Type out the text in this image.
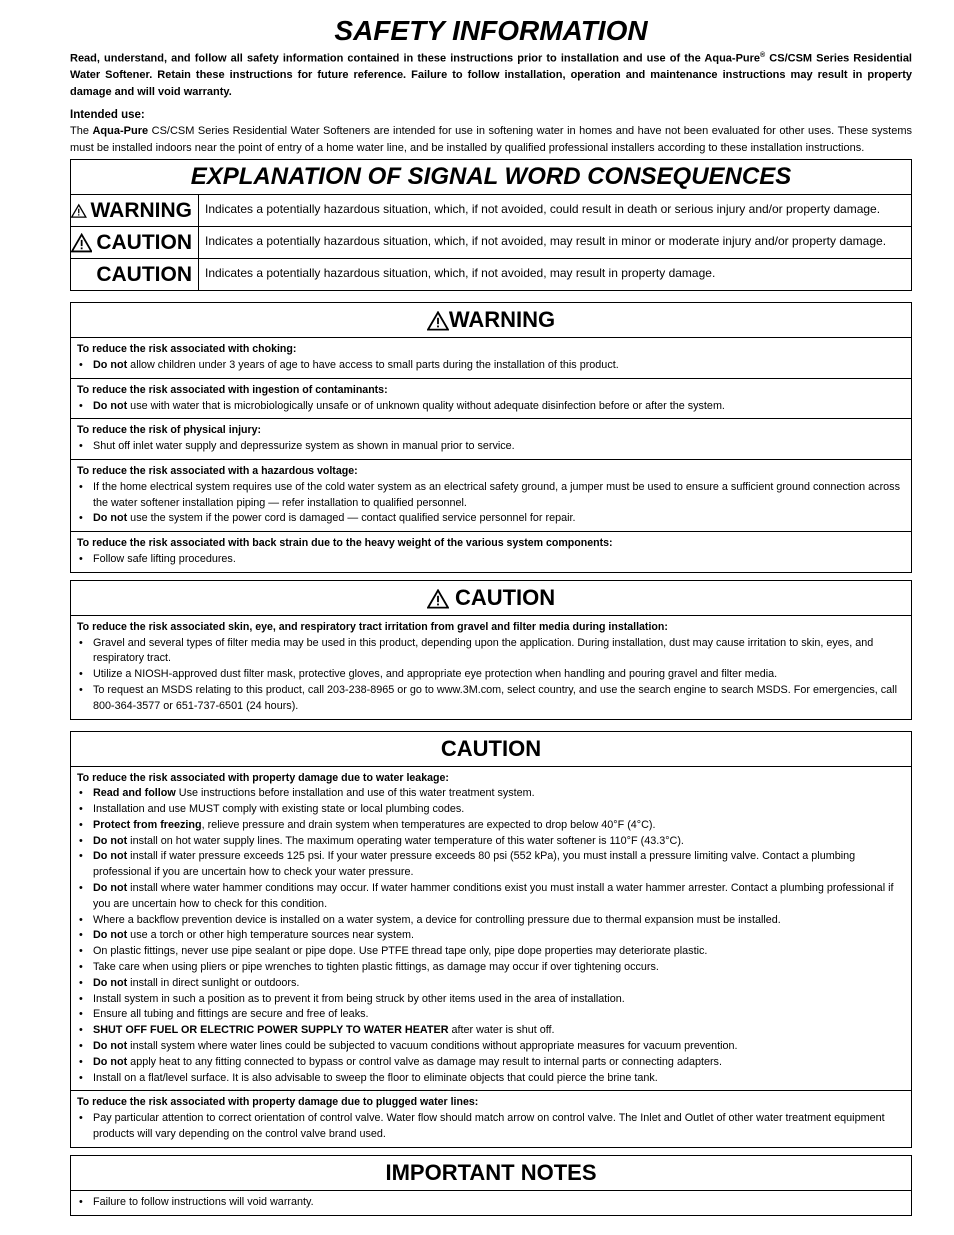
SAFETY INFORMATION

Read, understand, and follow all safety information contained in these instructions prior to installation and use of the Aqua-Pure® CS/CSM Series Residential Water Softener. Retain these instructions for future reference. Failure to follow installation, operation and maintenance instructions may result in property damage and will void warranty.

Intended use:

The Aqua-Pure CS/CSM Series Residential Water Softeners are intended for use in softening water in homes and have not been evaluated for other uses. These systems must be installed indoors near the point of entry of a home water line, and be installed by qualified professional installers according to these installation instructions.

EXPLANATION OF SIGNAL WORD CONSEQUENCES
WARNING	Indicates a potentially hazardous situation, which, if not avoided, could result in death or serious injury and/or property damage.
CAUTION	Indicates a potentially hazardous situation, which, if not avoided, may result in minor or moderate injury and/or property damage.
CAUTION	Indicates a potentially hazardous situation, which, if not avoided, may result in property damage.
WARNING
To reduce the risk associated with choking:
• Do not allow children under 3 years of age to have access to small parts during the installation of this product.
To reduce the risk associated with ingestion of contaminants:
• Do not use with water that is microbiologically unsafe or of unknown quality without adequate disinfection before or after the system.
To reduce the risk of physical injury:
• Shut off inlet water supply and depressurize system as shown in manual prior to service.
To reduce the risk associated with a hazardous voltage:
• If the home electrical system requires use of the cold water system as an electrical safety ground, a jumper must be used to ensure a sufficient ground connection across the water softener installation piping — refer installation to qualified personnel.
• Do not use the system if the power cord is damaged — contact qualified service personnel for repair.
To reduce the risk associated with back strain due to the heavy weight of the various system components:
• Follow safe lifting procedures.
CAUTION
To reduce the risk associated skin, eye, and respiratory tract irritation from gravel and filter media during installation:
• Gravel and several types of filter media may be used in this product, depending upon the application. During installation, dust may cause irritation to skin, eyes, and respiratory tract.
• Utilize a NIOSH-approved dust filter mask, protective gloves, and appropriate eye protection when handling and pouring gravel and filter media.
• To request an MSDS relating to this product, call 203-238-8965 or go to www.3M.com, select country, and use the search engine to search MSDS. For emergencies, call 800-364-3577 or 651-737-6501 (24 hours).
CAUTION
To reduce the risk associated with property damage due to water leakage:
• Read and follow Use instructions before installation and use of this water treatment system.
• Installation and use MUST comply with existing state or local plumbing codes.
• Protect from freezing, relieve pressure and drain system when temperatures are expected to drop below 40°F (4°C).
• Do not install on hot water supply lines. The maximum operating water temperature of this water softener is 110°F (43.3°C).
• Do not install if water pressure exceeds 125 psi. If your water pressure exceeds 80 psi (552 kPa), you must install a pressure limiting valve. Contact a plumbing professional if you are uncertain how to check your water pressure.
• Do not install where water hammer conditions may occur. If water hammer conditions exist you must install a water hammer arrester. Contact a plumbing professional if you are uncertain how to check for this condition.
• Where a backflow prevention device is installed on a water system, a device for controlling pressure due to thermal expansion must be installed.
• Do not use a torch or other high temperature sources near system.
• On plastic fittings, never use pipe sealant or pipe dope. Use PTFE thread tape only, pipe dope properties may deteriorate plastic.
• Take care when using pliers or pipe wrenches to tighten plastic fittings, as damage may occur if over tightening occurs.
• Do not install in direct sunlight or outdoors.
• Install system in such a position as to prevent it from being struck by other items used in the area of installation.
• Ensure all tubing and fittings are secure and free of leaks.
• SHUT OFF FUEL OR ELECTRIC POWER SUPPLY TO WATER HEATER after water is shut off.
• Do not install system where water lines could be subjected to vacuum conditions without appropriate measures for vacuum prevention.
• Do not apply heat to any fitting connected to bypass or control valve as damage may result to internal parts or connecting adapters.
• Install on a flat/level surface. It is also advisable to sweep the floor to eliminate objects that could pierce the brine tank.
To reduce the risk associated with property damage due to plugged water lines:
• Pay particular attention to correct orientation of control valve. Water flow should match arrow on control valve. The Inlet and Outlet of other water treatment equipment products will vary depending on the control valve brand used.
IMPORTANT NOTES
• Failure to follow instructions will void warranty.
